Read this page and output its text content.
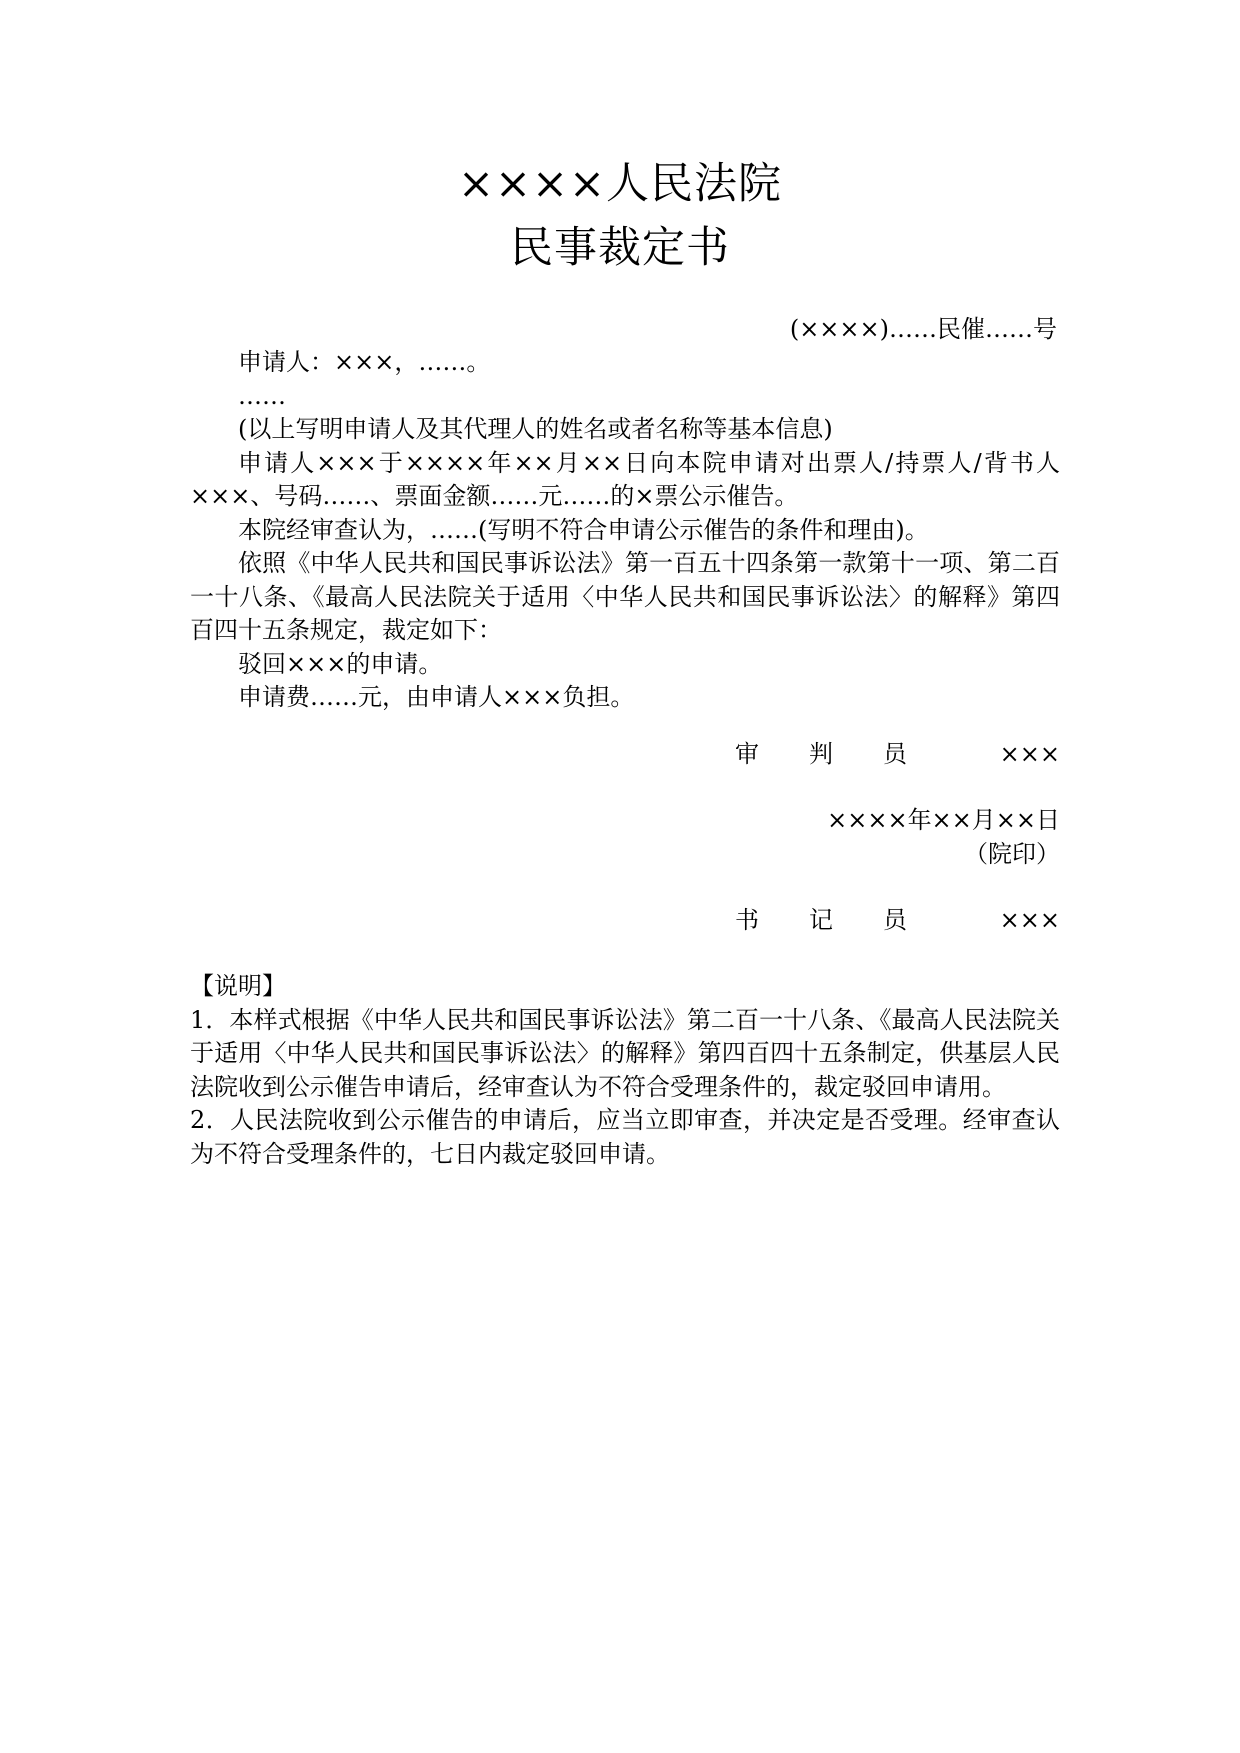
××××人民法院
民事裁定书
(××××)……民催……号

申请人：×××，……。

……

(以上写明申请人及其代理人的姓名或者名称等基本信息)

申请人×××于××××年××月××日向本院申请对出票人/持票人/背书人×××、号码……、票面金额……元……的×票公示催告。

本院经审查认为，……(写明不符合申请公示催告的条件和理由)。

依照《中华人民共和国民事诉讼法》第一百五十四条第一款第十一项、第二百一十八条、《最高人民法院关于适用〈中华人民共和国民事诉讼法〉的解释》第四百四十五条规定，裁定如下：

驳回×××的申请。

申请费……元，由申请人×××负担。

审 判 员	×××
××××年××月××日
（院印）
书 记 员	×××

【说明】

1．本样式根据《中华人民共和国民事诉讼法》第二百一十八条、《最高人民法院关于适用〈中华人民共和国民事诉讼法〉的解释》第四百四十五条制定，供基层人民法院收到公示催告申请后，经审查认为不符合受理条件的，裁定驳回申请用。

2．人民法院收到公示催告的申请后，应当立即审查，并决定是否受理。经审查认为不符合受理条件的，七日内裁定驳回申请。
